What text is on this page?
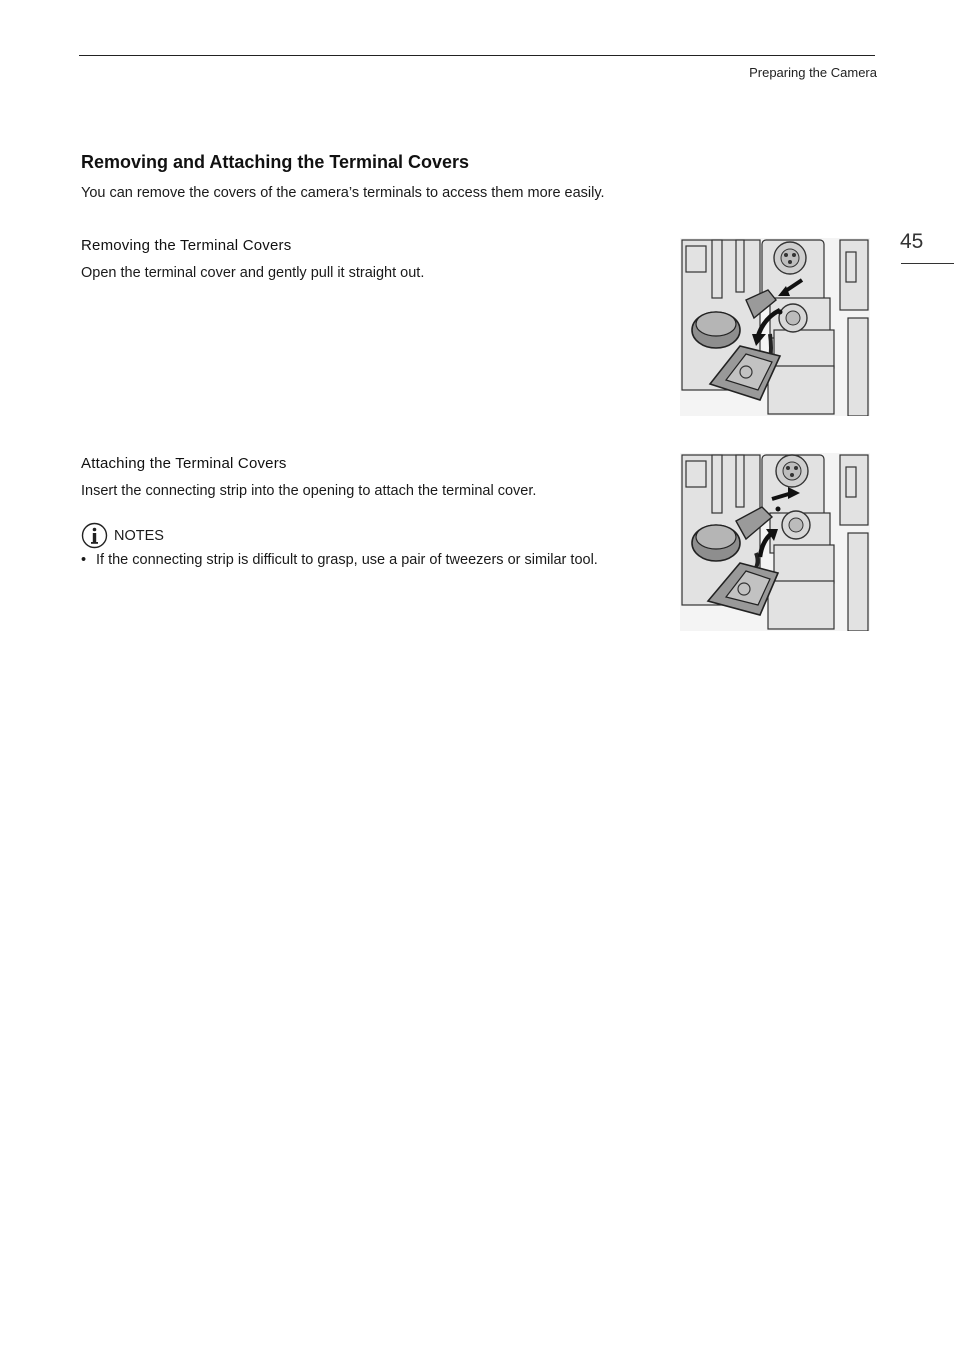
Preparing the Camera
45
Removing and Attaching the Terminal Covers

You can remove the covers of the camera’s terminals to access them more easily.

Removing the Terminal Covers

Open the terminal cover and gently pull it straight out.

Attaching the Terminal Covers

Insert the connecting strip into the opening to attach the terminal cover.

NOTES

• If the connecting strip is difficult to grasp, use a pair of tweezers or similar tool.
